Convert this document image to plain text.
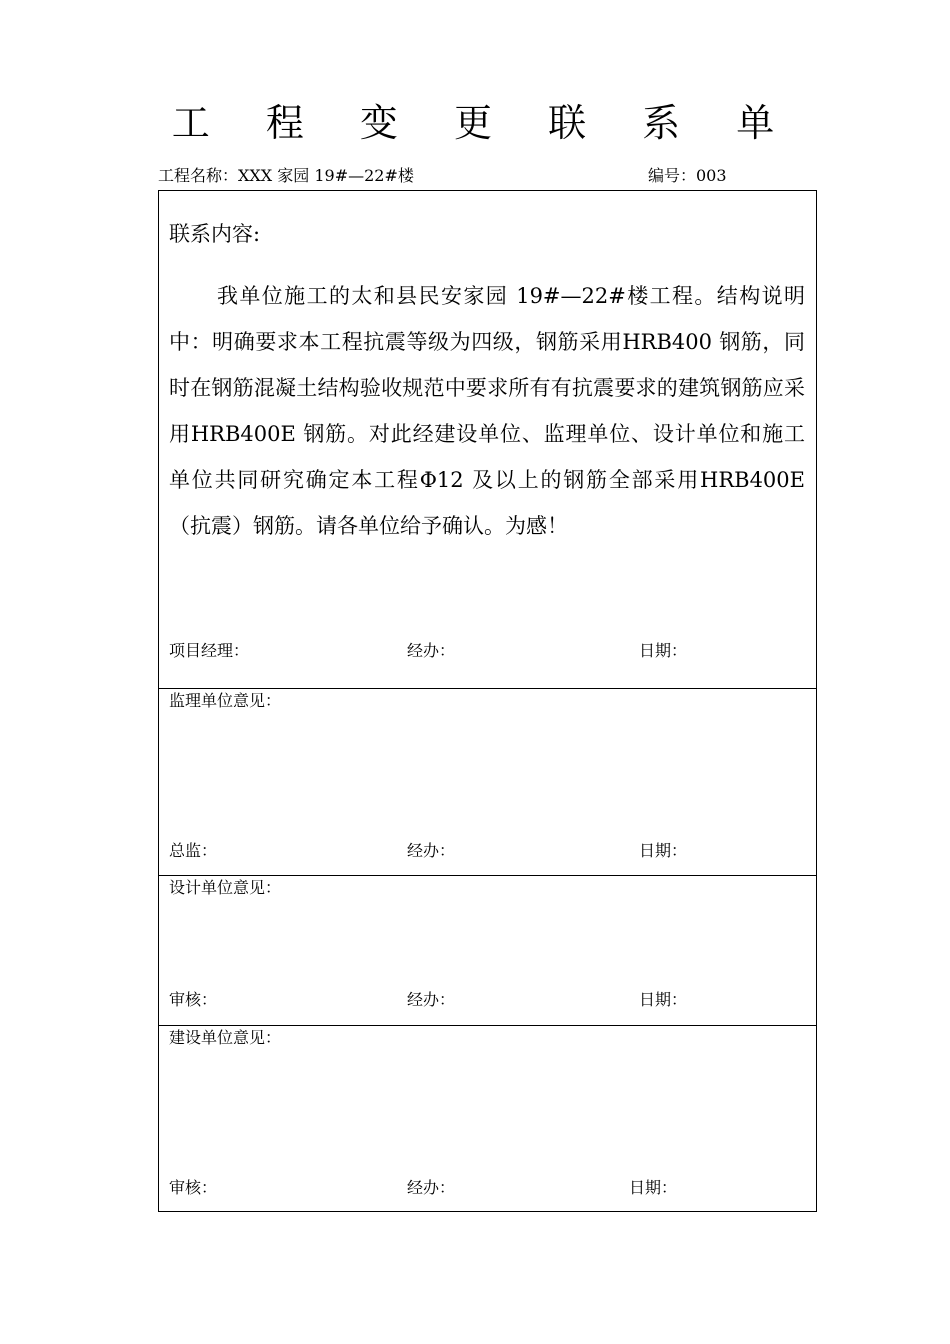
工 程 变 更 联 系 单
工程名称：XXX 家园 19#—22#楼	编号：003
联系内容:
我单位施工的太和县民安家园 19#—22#楼工程。结构说明中：明确要求本工程抗震等级为四级，钢筋采用HRB400 钢筋，同时在钢筋混凝土结构验收规范中要求所有有抗震要求的建筑钢筋应采用HRB400E 钢筋。对此经建设单位、监理单位、设计单位和施工单位共同研究确定本工程Φ12 及以上的钢筋全部采用HRB400E（抗震）钢筋。请各单位给予确认。为感！
项目经理：	经办：	日期：
监理单位意见：
总监：	经办：	日期：
设计单位意见：
审核：	经办：	日期：
建设单位意见：
审核：	经办：	日期：
